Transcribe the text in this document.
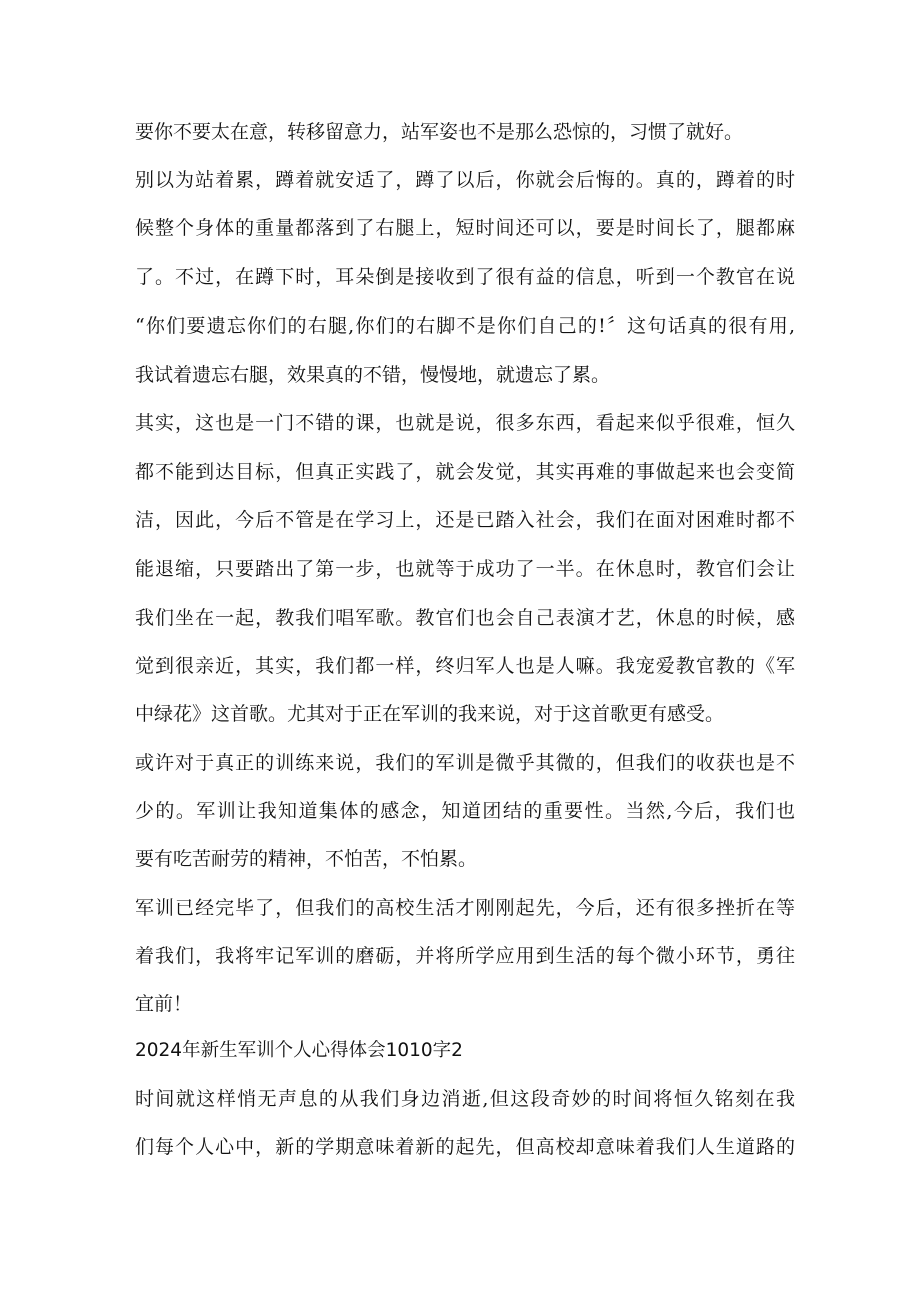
要你不要太在意，转移留意力，站军姿也不是那么恐惊的，习惯了就好。
别以为站着累，蹲着就安适了，蹲了以后，你就会后悔的。真的，蹲着的时
候整个身体的重量都落到了右腿上，短时间还可以，要是时间长了，腿都麻
了。不过，在蹲下时，耳朵倒是接收到了很有益的信息，听到一个教官在说
“你们要遗忘你们的右腿,你们的右脚不是你们自己的!〞这句话真的很有用,
我试着遗忘右腿，效果真的不错，慢慢地，就遗忘了累。
其实，这也是一门不错的课，也就是说，很多东西，看起来似乎很难，恒久
都不能到达目标，但真正实践了，就会发觉，其实再难的事做起来也会变简
洁，因此，今后不管是在学习上，还是已踏入社会，我们在面对困难时都不
能退缩，只要踏出了第一步，也就等于成功了一半。在休息时，教官们会让
我们坐在一起，教我们唱军歌。教官们也会自己表演才艺，休息的时候，感
觉到很亲近，其实，我们都一样，终归军人也是人嘛。我宠爱教官教的《军
中绿花》这首歌。尤其对于正在军训的我来说，对于这首歌更有感受。
或许对于真正的训练来说，我们的军训是微乎其微的，但我们的收获也是不
少的。军训让我知道集体的感念，知道团结的重要性。当然,今后，我们也
要有吃苦耐劳的精神，不怕苦，不怕累。
军训已经完毕了，但我们的高校生活才刚刚起先，今后，还有很多挫折在等
着我们，我将牢记军训的磨砺，并将所学应用到生活的每个微小环节，勇往
宜前！
2024年新生军训个人心得体会1010字2
时间就这样悄无声息的从我们身边消逝,但这段奇妙的时间将恒久铭刻在我
们每个人心中，新的学期意味着新的起先，但高校却意味着我们人生道路的
